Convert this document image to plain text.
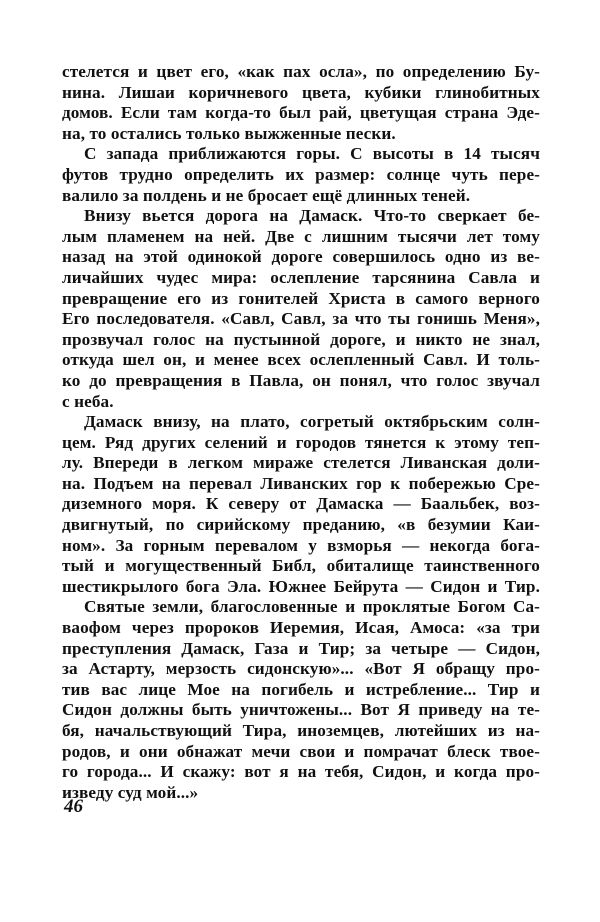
стелется и цвет его, «как пах осла», по определению Бу-
нина. Лишаи коричневого цвета, кубики глинобитных
домов. Если там когда-то был рай, цветущая страна Эде-
на, то остались только выжженные пески.
С запада приближаются горы. С высоты в 14 тысяч
футов трудно определить их размер: солнце чуть пере-
валило за полдень и не бросает ещё длинных теней.
Внизу вьется дорога на Дамаск. Что-то сверкает бе-
лым пламенем на ней. Две с лишним тысячи лет тому
назад на этой одинокой дороге совершилось одно из ве-
личайших чудес мира: ослепление тарсянина Савла и
превращение его из гонителей Христа в самого верного
Его последователя. «Савл, Савл, за что ты гонишь Меня»,
прозвучал голос на пустынной дороге, и никто не знал,
откуда шел он, и менее всех ослепленный Савл. И толь-
ко до превращения в Павла, он понял, что голос звучал
с неба.
Дамаск внизу, на плато, согретый октябрьским солн-
цем. Ряд других селений и городов тянется к этому теп-
лу. Впереди в легком мираже стелется Ливанская доли-
на. Подъем на перевал Ливанских гор к побережью Сре-
диземного моря. К северу от Дамаска — Баальбек, воз-
двигнутый, по сирийскому преданию, «в безумии Каи-
ном». За горным перевалом у взморья — некогда бога-
тый и могущественный Библ, обиталище таинственного
шестикрылого бога Эла. Южнее Бейрута — Сидон и Тир.
Святые земли, благословенные и проклятые Богом Са-
ваофом через пророков Иеремия, Исая, Амоса: «за три
преступления Дамаск, Газа и Тир; за четыре — Сидон,
за Астарту, мерзость сидонскую»... «Вот Я обращу про-
тив вас лице Мое на погибель и истребление... Тир и
Сидон должны быть уничтожены... Вот Я приведу на те-
бя, начальствующий Тира, иноземцев, лютейших из на-
родов, и они обнажат мечи свои и помрачат блеск твое-
го города... И скажу: вот я на тебя, Сидон, и когда про-
изведу суд мой...»
46
